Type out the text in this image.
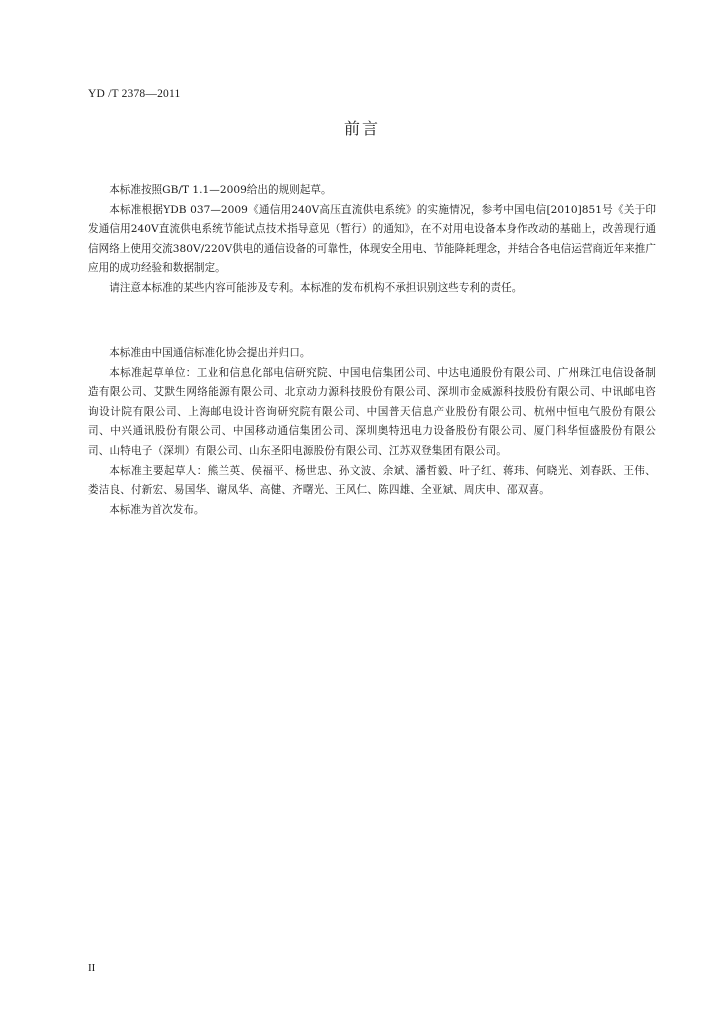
YD /T 2378—2011
前言

本标准按照GB/T 1.1—2009给出的规则起草。

本标准根据YDB 037—2009《通信用240V高压直流供电系统》的实施情况，参考中国电信[2010]851号《关于印发通信用240V直流供电系统节能试点技术指导意见（暂行）的通知》，在不对用电设备本身作改动的基础上，改善现行通信网络上使用交流380V/220V供电的通信设备的可靠性，体现安全用电、节能降耗理念，并结合各电信运营商近年来推广应用的成功经验和数据制定。

请注意本标准的某些内容可能涉及专利。本标准的发布机构不承担识别这些专利的责任。

本标准由中国通信标准化协会提出并归口。

本标准起草单位：工业和信息化部电信研究院、中国电信集团公司、中达电通股份有限公司、广州珠江电信设备制造有限公司、艾默生网络能源有限公司、北京动力源科技股份有限公司、深圳市金威源科技股份有限公司、中讯邮电咨询设计院有限公司、上海邮电设计咨询研究院有限公司、中国普天信息产业股份有限公司、杭州中恒电气股份有限公司、中兴通讯股份有限公司、中国移动通信集团公司、深圳奥特迅电力设备股份有限公司、厦门科华恒盛股份有限公司、山特电子（深圳）有限公司、山东圣阳电源股份有限公司、江苏双登集团有限公司。

本标准主要起草人：熊兰英、侯福平、杨世忠、孙文波、余斌、潘哲毅、叶子红、蒋玮、何晓光、刘春跃、王伟、娄洁良、付新宏、易国华、谢凤华、高健、齐曙光、王风仁、陈四雄、全亚斌、周庆申、邵双喜。

本标准为首次发布。

II
